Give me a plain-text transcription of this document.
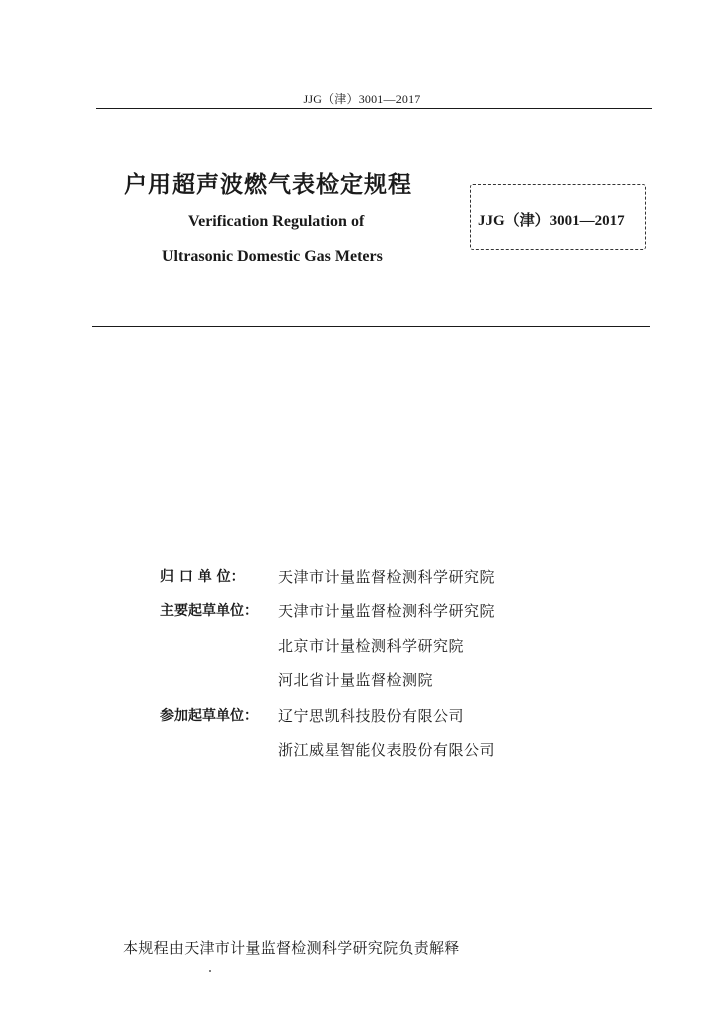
JJG（津）3001—2017
户用超声波燃气表检定规程
Verification Regulation of
Ultrasonic Domestic Gas Meters
JJG（津）3001—2017
归 口 单 位： 天津市计量监督检测科学研究院
主要起草单位： 天津市计量监督检测科学研究院
北京市计量检测科学研究院
河北省计量监督检测院
参加起草单位： 辽宁思凯科技股份有限公司
浙江威星智能仪表股份有限公司
本规程由天津市计量监督检测科学研究院负责解释
